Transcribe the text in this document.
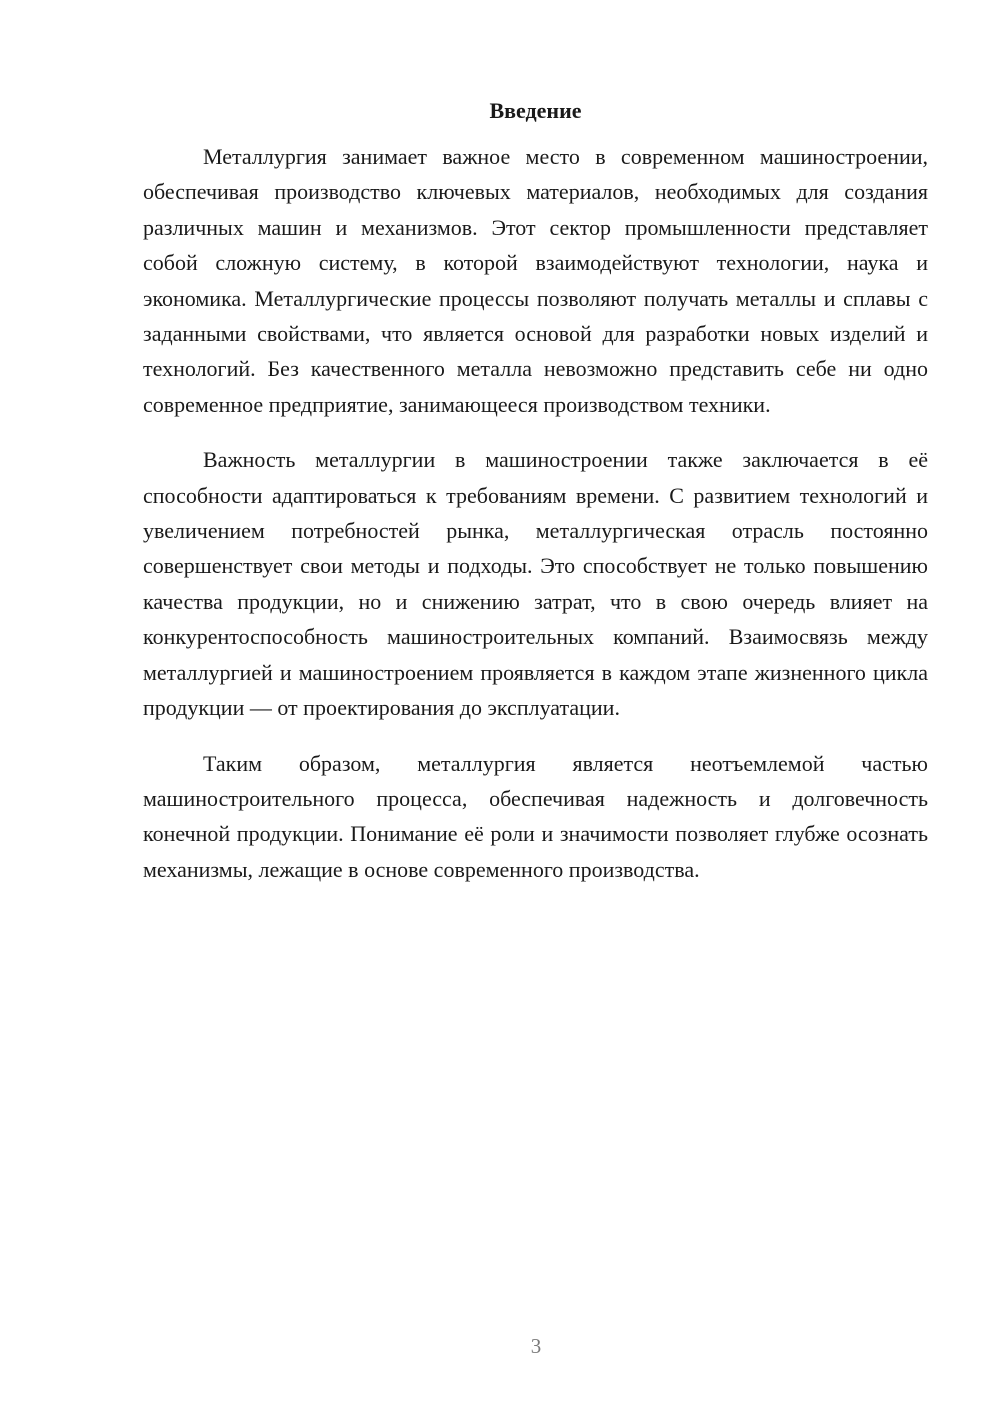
Введение

Металлургия занимает важное место в современном машиностроении, обеспечивая производство ключевых материалов, необходимых для создания различных машин и механизмов. Этот сектор промышленности представляет собой сложную систему, в которой взаимодействуют технологии, наука и экономика. Металлургические процессы позволяют получать металлы и сплавы с заданными свойствами, что является основой для разработки новых изделий и технологий. Без качественного металла невозможно представить себе ни одно современное предприятие, занимающееся производством техники.

Важность металлургии в машиностроении также заключается в её способности адаптироваться к требованиям времени. С развитием технологий и увеличением потребностей рынка, металлургическая отрасль постоянно совершенствует свои методы и подходы. Это способствует не только повышению качества продукции, но и снижению затрат, что в свою очередь влияет на конкурентоспособность машиностроительных компаний. Взаимосвязь между металлургией и машиностроением проявляется в каждом этапе жизненного цикла продукции — от проектирования до эксплуатации.

Таким образом, металлургия является неотъемлемой частью машиностроительного процесса, обеспечивая надежность и долговечность конечной продукции. Понимание её роли и значимости позволяет глубже осознать механизмы, лежащие в основе современного производства.

3
